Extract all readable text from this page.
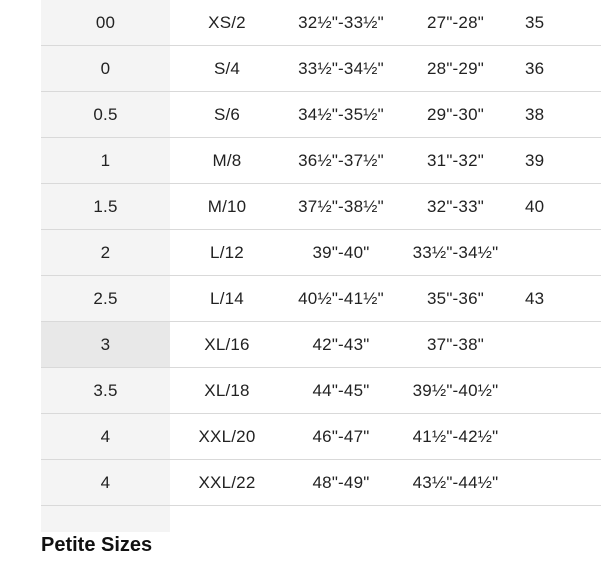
00	XS/2	32½"-33½"	27"-28"	35
0	S/4	33½"-34½"	28"-29"	36
0.5	S/6	34½"-35½"	29"-30"	38
1	M/8	36½"-37½"	31"-32"	39
1.5	M/10	37½"-38½"	32"-33"	40
2	L/12	39"-40"	33½"-34½"	
2.5	L/14	40½"-41½"	35"-36"	43
3	XL/16	42"-43"	37"-38"	
3.5	XL/18	44"-45"	39½"-40½"	
4	XXL/20	46"-47"	41½"-42½"	
4	XXL/22	48"-49"	43½"-44½"	

Petite Sizes
